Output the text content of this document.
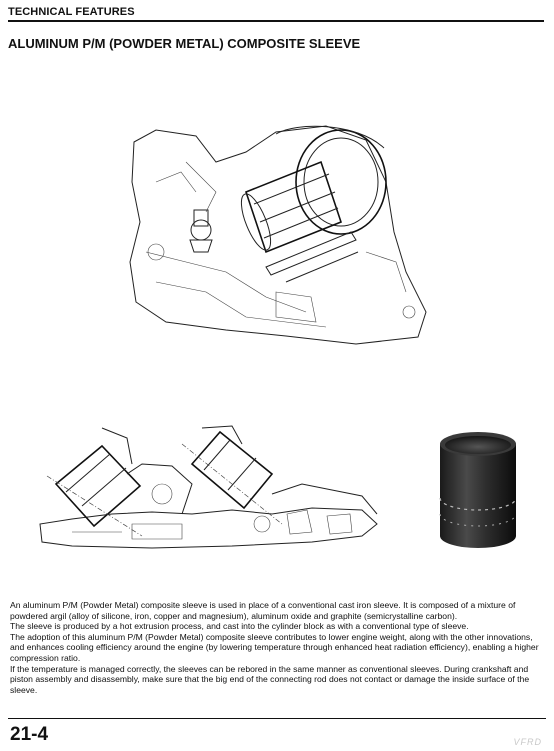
TECHNICAL FEATURES
ALUMINUM P/M (POWDER METAL) COMPOSITE SLEEVE

An aluminum P/M (Powder Metal) composite sleeve is used in place of a conventional cast iron sleeve. It is composed of a mixture of powdered argil (alloy of silicone, iron, copper and magnesium), aluminum oxide and graphite (semicrystalline carbon).

The sleeve is produced by a hot extrusion process, and cast into the cylinder block as with a conventional type of sleeve.

The adoption of this aluminum P/M (Powder Metal) composite sleeve contributes to lower engine weight, along with the other innovations, and enhances cooling efficiency around the engine (by lowering temperature through enhanced heat radiation efficiency), enabling a higher compression ratio.

If the temperature is managed correctly, the sleeves can be rebored in the same manner as conventional sleeves. During crankshaft and piston assembly and disassembly, make sure that the big end of the connecting rod does not contact or damage the inside surface of the sleeve.

21-4	VFRD
